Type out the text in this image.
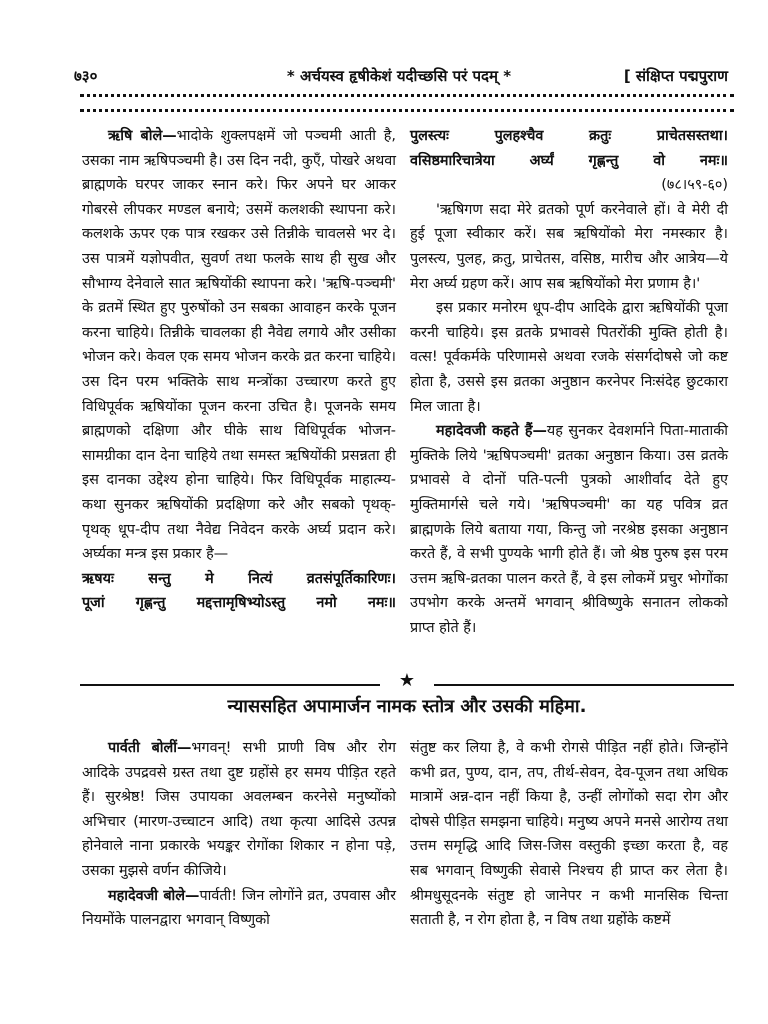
७३०	* अर्चयस्व हृषीकेशं यदीच्छसि परं पदम् *	[ संक्षिप्त पद्मपुराण

ऋषि बोले—भादोके शुक्लपक्षमें जो पञ्चमी आती है, उसका नाम ऋषिपञ्चमी है। उस दिन नदी, कुएँ, पोखरे अथवा ब्राह्मणके घरपर जाकर स्नान करे। फिर अपने घर आकर गोबरसे लीपकर मण्डल बनाये; उसमें कलशकी स्थापना करे। कलशके ऊपर एक पात्र रखकर उसे तिन्नीके चावलसे भर दे। उस पात्रमें यज्ञोपवीत, सुवर्ण तथा फलके साथ ही सुख और सौभाग्य देनेवाले सात ऋषियोंकी स्थापना करे। 'ऋषि-पञ्चमी' के व्रतमें स्थित हुए पुरुषोंको उन सबका आवाहन करके पूजन करना चाहिये। तिन्नीके चावलका ही नैवेद्य लगाये और उसीका भोजन करे। केवल एक समय भोजन करके व्रत करना चाहिये। उस दिन परम भक्तिके साथ मन्त्रोंका उच्चारण करते हुए विधिपूर्वक ऋषियोंका पूजन करना उचित है। पूजनके समय ब्राह्मणको दक्षिणा और घीके साथ विधिपूर्वक भोजन-सामग्रीका दान देना चाहिये तथा समस्त ऋषियोंकी प्रसन्नता ही इस दानका उद्देश्य होना चाहिये। फिर विधिपूर्वक माहात्म्य-कथा सुनकर ऋषियोंकी प्रदक्षिणा करे और सबको पृथक्-पृथक् धूप-दीप तथा नैवेद्य निवेदन करके अर्घ्य प्रदान करे। अर्घ्यका मन्त्र इस प्रकार है—

ऋषयः सन्तु मे नित्यं व्रतसंपूर्तिकारिणः।
पूजां गृह्णन्तु मद्दत्तामृषिभ्योऽस्तु नमो नमः॥

पुलस्त्यः पुलहश्चैव क्रतुः प्राचेतसस्तथा।
वसिष्ठमारिचात्रेया अर्घ्यं गृह्णन्तु वो नमः॥

(७८।५९-६०)

'ऋषिगण सदा मेरे व्रतको पूर्ण करनेवाले हों। वे मेरी दी हुई पूजा स्वीकार करें। सब ऋषियोंको मेरा नमस्कार है। पुलस्त्य, पुलह, क्रतु, प्राचेतस, वसिष्ठ, मारीच और आत्रेय—ये मेरा अर्घ्य ग्रहण करें। आप सब ऋषियोंको मेरा प्रणाम है।'

इस प्रकार मनोरम धूप-दीप आदिके द्वारा ऋषियोंकी पूजा करनी चाहिये। इस व्रतके प्रभावसे पितरोंकी मुक्ति होती है। वत्स! पूर्वकर्मके परिणामसे अथवा रजके संसर्गदोषसे जो कष्ट होता है, उससे इस व्रतका अनुष्ठान करनेपर निःसंदेह छुटकारा मिल जाता है।

महादेवजी कहते हैं—यह सुनकर देवशर्माने पिता-माताकी मुक्तिके लिये 'ऋषिपञ्चमी' व्रतका अनुष्ठान किया। उस व्रतके प्रभावसे वे दोनों पति-पत्नी पुत्रको आशीर्वाद देते हुए मुक्तिमार्गसे चले गये। 'ऋषिपञ्चमी' का यह पवित्र व्रत ब्राह्मणके लिये बताया गया, किन्तु जो नरश्रेष्ठ इसका अनुष्ठान करते हैं, वे सभी पुण्यके भागी होते हैं। जो श्रेष्ठ पुरुष इस परम उत्तम ऋषि-व्रतका पालन करते हैं, वे इस लोकमें प्रचुर भोगोंका उपभोग करके अन्तमें भगवान् श्रीविष्णुके सनातन लोकको प्राप्त होते हैं।

★
न्याससहित अपामार्जन नामक स्तोत्र और उसकी महिमा.

पार्वती बोलीं—भगवन्! सभी प्राणी विष और रोग आदिके उपद्रवसे ग्रस्त तथा दुष्ट ग्रहोंसे हर समय पीड़ित रहते हैं। सुरश्रेष्ठ! जिस उपायका अवलम्बन करनेसे मनुष्योंको अभिचार (मारण-उच्चाटन आदि) तथा कृत्या आदिसे उत्पन्न होनेवाले नाना प्रकारके भयङ्कर रोगोंका शिकार न होना पड़े, उसका मुझसे वर्णन कीजिये।

महादेवजी बोले—पार्वती! जिन लोगोंने व्रत, उपवास और नियमोंके पालनद्वारा भगवान् विष्णुको

संतुष्ट कर लिया है, वे कभी रोगसे पीड़ित नहीं होते। जिन्होंने कभी व्रत, पुण्य, दान, तप, तीर्थ-सेवन, देव-पूजन तथा अधिक मात्रामें अन्न-दान नहीं किया है, उन्हीं लोगोंको सदा रोग और दोषसे पीड़ित समझना चाहिये। मनुष्य अपने मनसे आरोग्य तथा उत्तम समृद्धि आदि जिस-जिस वस्तुकी इच्छा करता है, वह सब भगवान् विष्णुकी सेवासे निश्चय ही प्राप्त कर लेता है। श्रीमधुसूदनके संतुष्ट हो जानेपर न कभी मानसिक चिन्ता सताती है, न रोग होता है, न विष तथा ग्रहोंके कष्टमें
